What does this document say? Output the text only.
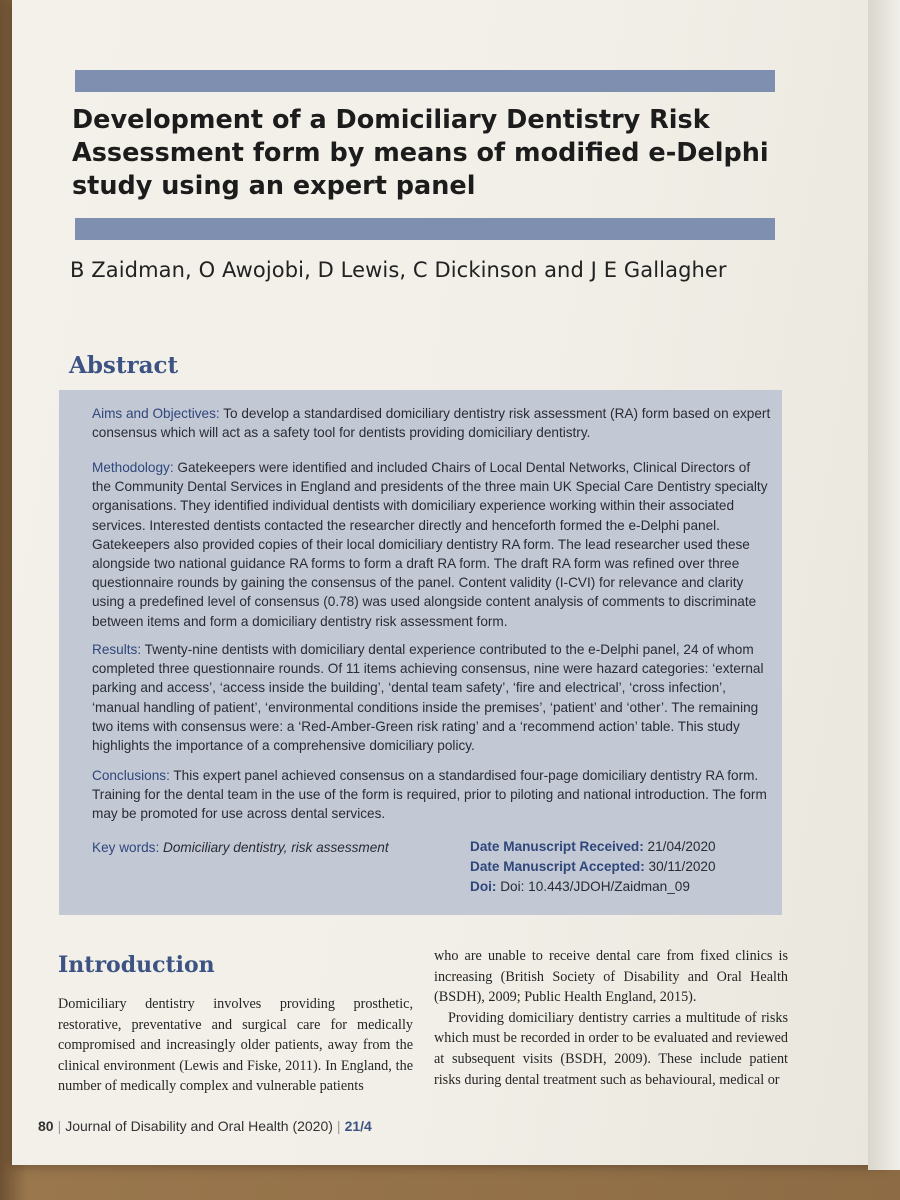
Development of a Domiciliary Dentistry Risk
Assessment form by means of modified e-Delphi
study using an expert panel

B Zaidman, O Awojobi, D Lewis, C Dickinson and J E Gallagher

Abstract

Aims and Objectives: To develop a standardised domiciliary dentistry risk assessment (RA) form based on expert consensus which will act as a safety tool for dentists providing domiciliary dentistry.

Methodology: Gatekeepers were identified and included Chairs of Local Dental Networks, Clinical Directors of the Community Dental Services in England and presidents of the three main UK Special Care Dentistry specialty organisations. They identified individual dentists with domiciliary experience working within their associated services. Interested dentists contacted the researcher directly and henceforth formed the e-Delphi panel. Gatekeepers also provided copies of their local domiciliary dentistry RA form. The lead researcher used these alongside two national guidance RA forms to form a draft RA form. The draft RA form was refined over three questionnaire rounds by gaining the consensus of the panel. Content validity (I-CVI) for relevance and clarity using a predefined level of consensus (0.78) was used alongside content analysis of comments to discriminate between items and form a domiciliary dentistry risk assessment form.

Results: Twenty-nine dentists with domiciliary dental experience contributed to the e-Delphi panel, 24 of whom completed three questionnaire rounds. Of 11 items achieving consensus, nine were hazard categories: ‘external parking and access’, ‘access inside the building’, ‘dental team safety’, ‘fire and electrical’, ‘cross infection’, ‘manual handling of patient’, ‘environmental conditions inside the premises’, ‘patient’ and ‘other’. The remaining two items with consensus were: a ‘Red-Amber-Green risk rating’ and a ‘recommend action’ table. This study highlights the importance of a comprehensive domiciliary policy.

Conclusions: This expert panel achieved consensus on a standardised four-page domiciliary dentistry RA form. Training for the dental team in the use of the form is required, prior to piloting and national introduction. The form may be promoted for use across dental services.

Key words: Domiciliary dentistry, risk assessment	Date Manuscript Received: 21/04/2020
Date Manuscript Accepted: 30/11/2020
Doi: Doi: 10.443/JDOH/Zaidman_09
Introduction

Domiciliary dentistry involves providing prosthetic, restorative, preventative and surgical care for medically compromised and increasingly older patients, away from the clinical environment (Lewis and Fiske, 2011). In England, the number of medically complex and vulnerable patients

who are unable to receive dental care from fixed clinics is increasing (British Society of Disability and Oral Health (BSDH), 2009; Public Health England, 2015).

Providing domiciliary dentistry carries a multitude of risks which must be recorded in order to be evaluated and reviewed at subsequent visits (BSDH, 2009). These include patient risks during dental treatment such as behavioural, medical or

80 | Journal of Disability and Oral Health (2020) | 21/4
